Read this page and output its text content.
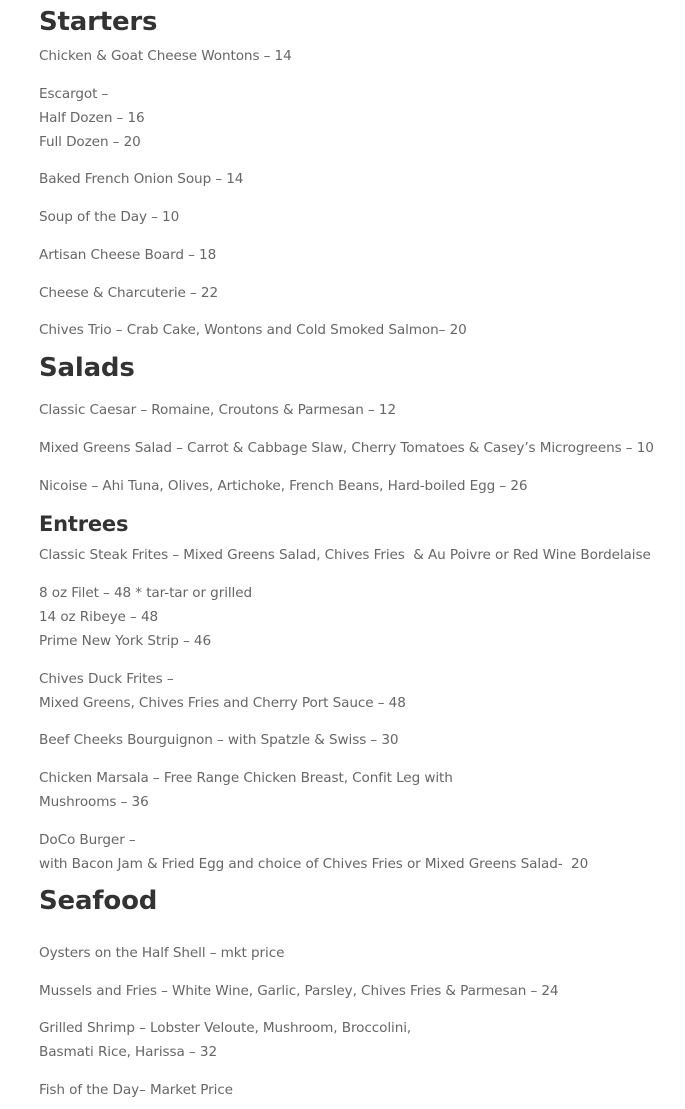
Starters

Chicken & Goat Cheese Wontons – 14

Escargot –
Half Dozen – 16
Full Dozen – 20

Baked French Onion Soup – 14

Soup of the Day – 10

Artisan Cheese Board – 18

Cheese & Charcuterie – 22

Chives Trio – Crab Cake, Wontons and Cold Smoked Salmon– 20

Salads

Classic Caesar – Romaine, Croutons & Parmesan – 12

Mixed Greens Salad – Carrot & Cabbage Slaw, Cherry Tomatoes & Casey’s Microgreens – 10

Nicoise – Ahi Tuna, Olives, Artichoke, French Beans, Hard-boiled Egg – 26

Entrees

Classic Steak Frites – Mixed Greens Salad, Chives Fries  & Au Poivre or Red Wine Bordelaise

8 oz Filet – 48 * tar-tar or grilled
14 oz Ribeye – 48
Prime New York Strip – 46

Chives Duck Frites –
Mixed Greens, Chives Fries and Cherry Port Sauce – 48

Beef Cheeks Bourguignon – with Spatzle & Swiss – 30

Chicken Marsala – Free Range Chicken Breast, Confit Leg with
Mushrooms – 36

DoCo Burger –
with Bacon Jam & Fried Egg and choice of Chives Fries or Mixed Greens Salad-  20

Seafood

Oysters on the Half Shell – mkt price

Mussels and Fries – White Wine, Garlic, Parsley, Chives Fries & Parmesan – 24

Grilled Shrimp – Lobster Veloute, Mushroom, Broccolini,
Basmati Rice, Harissa – 32

Fish of the Day– Market Price
